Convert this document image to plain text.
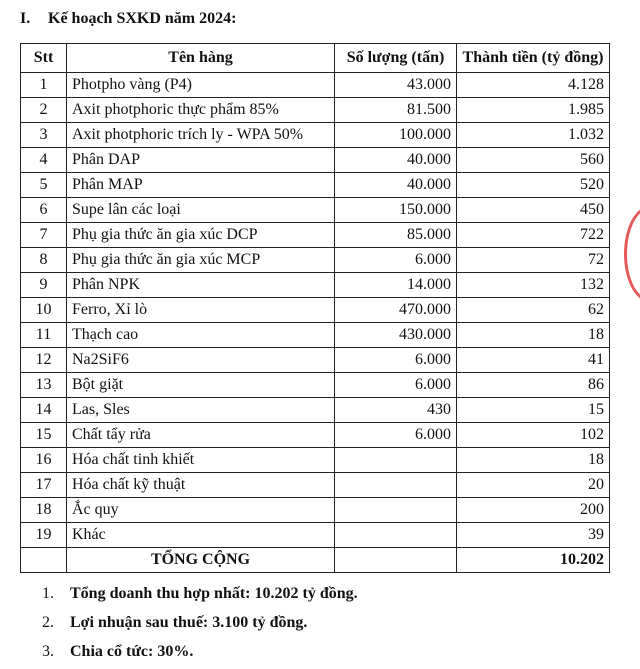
I. Kế hoạch SXKD năm 2024:
Stt	Tên hàng	Số lượng (tấn)	Thành tiền (tỷ đồng)
1	Photpho vàng (P4)	43.000	4.128
2	Axit photphoric thực phẩm 85%	81.500	1.985
3	Axit photphoric trích ly - WPA 50%	100.000	1.032
4	Phân DAP	40.000	560
5	Phân MAP	40.000	520
6	Supe lân các loại	150.000	450
7	Phụ gia thức ăn gia xúc DCP	85.000	722
8	Phụ gia thức ăn gia xúc MCP	6.000	72
9	Phân NPK	14.000	132
10	Ferro, Xỉ lò	470.000	62
11	Thạch cao	430.000	18
12	Na2SiF6	6.000	41
13	Bột giặt	6.000	86
14	Las, Sles	430	15
15	Chất tẩy rửa	6.000	102
16	Hóa chất tinh khiết		18
17	Hóa chất kỹ thuật		20
18	Ắc quy		200
19	Khác		39
	TỔNG CỘNG		10.202
1. Tổng doanh thu hợp nhất: 10.202 tỷ đồng.
2. Lợi nhuận sau thuế: 3.100 tỷ đồng.
3. Chia cổ tức: 30%.
